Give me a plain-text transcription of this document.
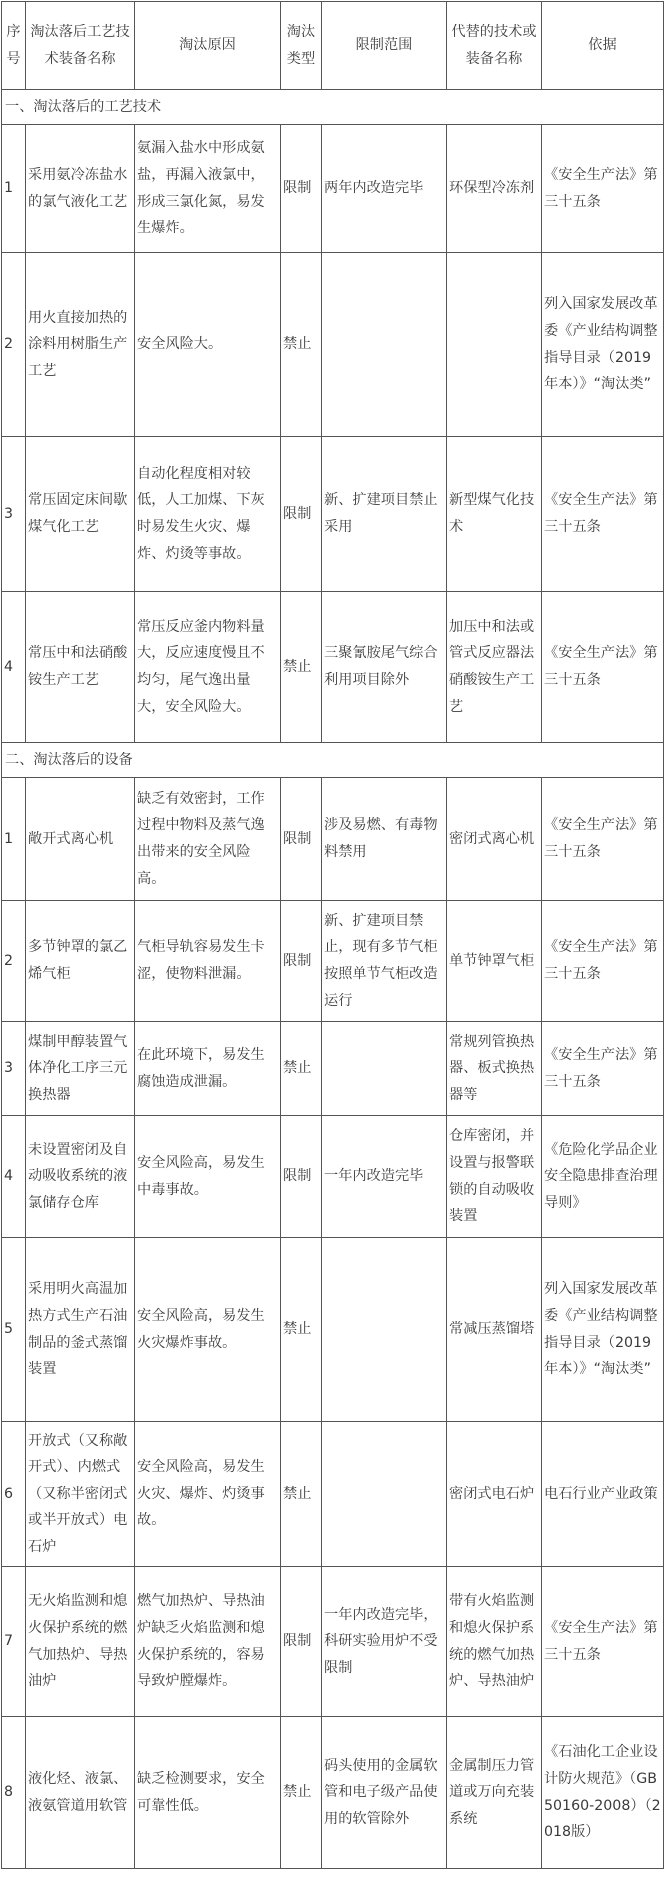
序号	淘汰落后工艺技术装备名称	淘汰原因	淘汰类型	限制范围	代替的技术或装备名称	依据
一、淘汰落后的工艺技术						
1	采用氨冷冻盐水的氯气液化工艺	氨漏入盐水中形成氨盐，再漏入液氯中，形成三氯化氮，易发生爆炸。	限制	两年内改造完毕	环保型冷冻剂	《安全生产法》第三十五条
2	用火直接加热的涂料用树脂生产工艺	安全风险大。	禁止			列入国家发展改革委《产业结构调整指导目录（2019年本）》“淘汰类”
3	常压固定床间歇煤气化工艺	自动化程度相对较低，人工加煤、下灰时易发生火灾、爆炸、灼烫等事故。	限制	新、扩建项目禁止采用	新型煤气化技术	《安全生产法》第三十五条
4	常压中和法硝酸铵生产工艺	常压反应釜内物料量大，反应速度慢且不均匀，尾气逸出量大，安全风险大。	禁止	三聚氰胺尾气综合利用项目除外	加压中和法或管式反应器法硝酸铵生产工艺	《安全生产法》第三十五条
二、淘汰落后的设备						
1	敞开式离心机	缺乏有效密封，工作过程中物料及蒸气逸出带来的安全风险高。	限制	涉及易燃、有毒物料禁用	密闭式离心机	《安全生产法》第三十五条
2	多节钟罩的氯乙烯气柜	气柜导轨容易发生卡涩，使物料泄漏。	限制	新、扩建项目禁止，现有多节气柜按照单节气柜改造运行	单节钟罩气柜	《安全生产法》第三十五条
3	煤制甲醇装置气体净化工序三元换热器	在此环境下，易发生腐蚀造成泄漏。	禁止		常规列管换热器、板式换热器等	《安全生产法》第三十五条
4	未设置密闭及自动吸收系统的液氯储存仓库	安全风险高，易发生中毒事故。	限制	一年内改造完毕	仓库密闭，并设置与报警联锁的自动吸收装置	《危险化学品企业安全隐患排查治理导则》
5	采用明火高温加热方式生产石油制品的釜式蒸馏装置	安全风险高，易发生火灾爆炸事故。	禁止		常减压蒸馏塔	列入国家发展改革委《产业结构调整指导目录（2019年本）》“淘汰类”
6	开放式（又称敞开式）、内燃式（又称半密闭式或半开放式）电石炉	安全风险高，易发生火灾、爆炸、灼烫事故。	禁止		密闭式电石炉	电石行业产业政策
7	无火焰监测和熄火保护系统的燃气加热炉、导热油炉	燃气加热炉、导热油炉缺乏火焰监测和熄火保护系统的，容易导致炉膛爆炸。	限制	一年内改造完毕，科研实验用炉不受限制	带有火焰监测和熄火保护系统的燃气加热炉、导热油炉	《安全生产法》第三十五条
8	液化烃、液氯、液氨管道用软管	缺乏检测要求，安全可靠性低。	禁止	码头使用的金属软管和电子级产品使用的软管除外	金属制压力管道或万向充装系统	《石油化工企业设计防火规范》（GB 50160-2008）（2018版）
